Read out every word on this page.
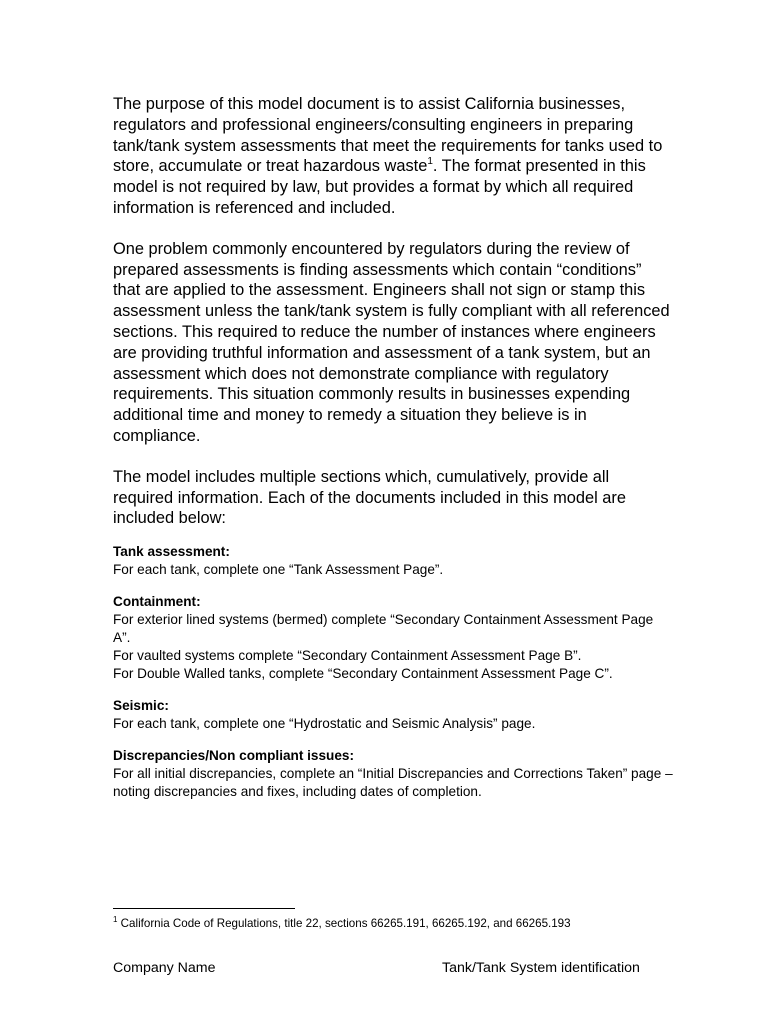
The purpose of this model document is to assist California businesses, regulators and professional engineers/consulting engineers in preparing tank/tank system assessments that meet the requirements for tanks used to store, accumulate or treat hazardous waste$^1$. The format presented in this model is not required by law, but provides a format by which all required information is referenced and included.

One problem commonly encountered by regulators during the review of prepared assessments is finding assessments which contain “conditions” that are applied to the assessment. Engineers shall not sign or stamp this assessment unless the tank/tank system is fully compliant with all referenced sections. This required to reduce the number of instances where engineers are providing truthful information and assessment of a tank system, but an assessment which does not demonstrate compliance with regulatory requirements. This situation commonly results in businesses expending additional time and money to remedy a situation they believe is in compliance.

The model includes multiple sections which, cumulatively, provide all required information. Each of the documents included in this model are included below:

Tank assessment:

For each tank, complete one “Tank Assessment Page”.

Containment:

For exterior lined systems (bermed) complete “Secondary Containment Assessment Page A”.

For vaulted systems complete “Secondary Containment Assessment Page B”.

For Double Walled tanks, complete “Secondary Containment Assessment Page C”.

Seismic:

For each tank, complete one “Hydrostatic and Seismic Analysis” page.

Discrepancies/Non compliant issues:

For all initial discrepancies, complete an “Initial Discrepancies and Corrections Taken” page – noting discrepancies and fixes, including dates of completion.

$^1$ California Code of Regulations, title 22, sections 66265.191, 66265.192, and 66265.193
Company Name	Tank/Tank System identification
